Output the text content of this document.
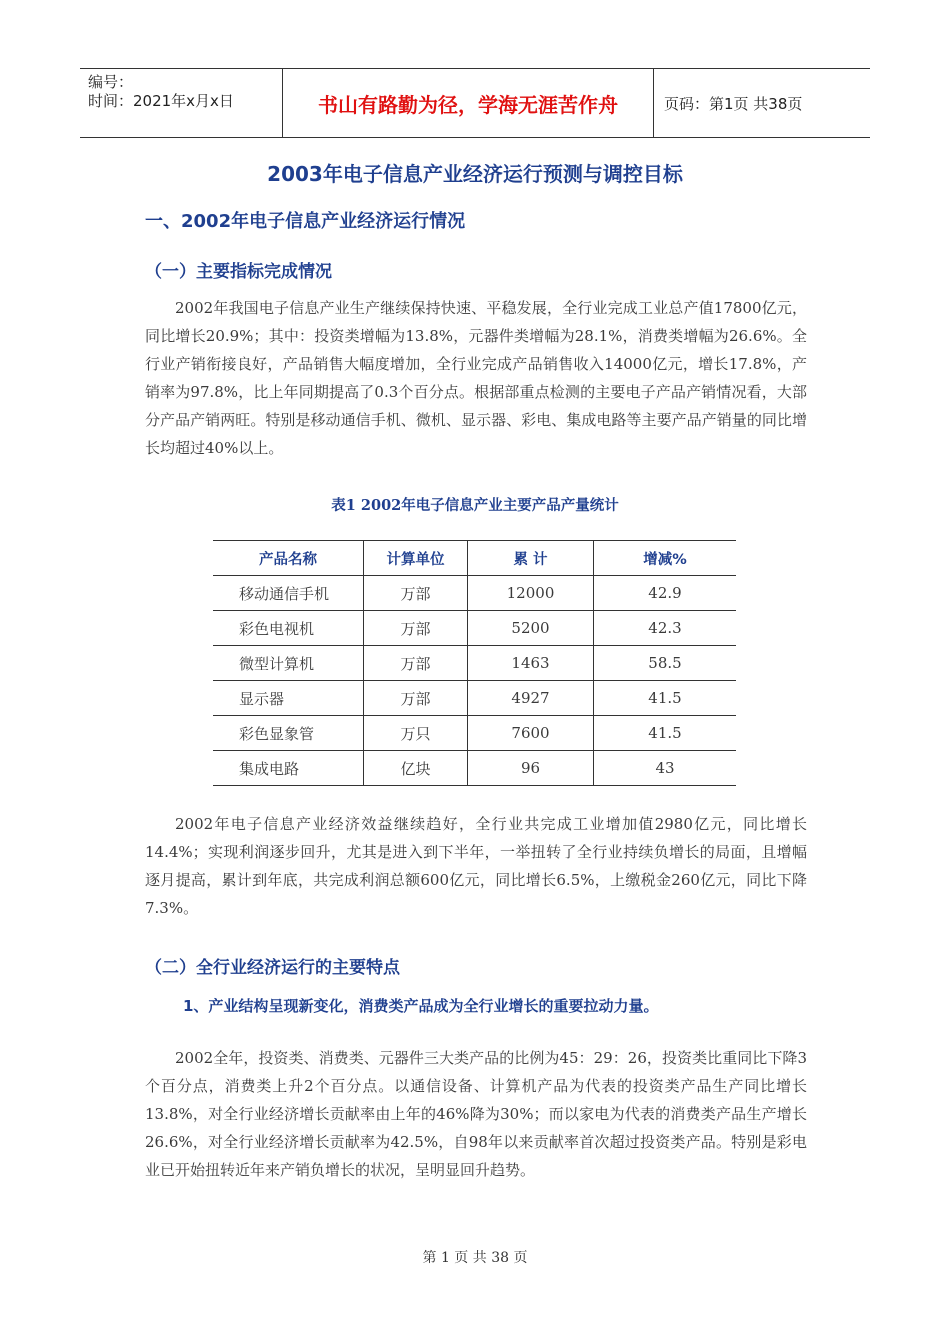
编号：
时间：2021年x月x日	书山有路勤为径，学海无涯苦作舟	页码：第1页 共38页
2003年电子信息产业经济运行预测与调控目标
一、2002年电子信息产业经济运行情况
（一）主要指标完成情况

2002年我国电子信息产业生产继续保持快速、平稳发展，全行业完成工业总产值17800亿元，同比增长20.9%；其中：投资类增幅为13.8%，元器件类增幅为28.1%，消费类增幅为26.6%。全行业产销衔接良好，产品销售大幅度增加，全行业完成产品销售收入14000亿元，增长17.8%，产销率为97.8%，比上年同期提高了0.3个百分点。根据部重点检测的主要电子产品产销情况看，大部分产品产销两旺。特别是移动通信手机、微机、显示器、彩电、集成电路等主要产品产销量的同比增长均超过40%以上。

表1 2002年电子信息产业主要产品产量统计
产品名称	计算单位	累 计	增减%
移动通信手机	万部	12000	42.9
彩色电视机	万部	5200	42.3
微型计算机	万部	1463	58.5
显示器	万部	4927	41.5
彩色显象管	万只	7600	41.5
集成电路	亿块	96	43

2002年电子信息产业经济效益继续趋好，全行业共完成工业增加值2980亿元，同比增长14.4%；实现利润逐步回升，尤其是进入到下半年，一举扭转了全行业持续负增长的局面，且增幅逐月提高，累计到年底，共完成利润总额600亿元，同比增长6.5%，上缴税金260亿元，同比下降7.3%。

（二）全行业经济运行的主要特点
1、产业结构呈现新变化，消费类产品成为全行业增长的重要拉动力量。

2002全年，投资类、消费类、元器件三大类产品的比例为45：29：26，投资类比重同比下降3个百分点，消费类上升2个百分点。以通信设备、计算机产品为代表的投资类产品生产同比增长13.8%，对全行业经济增长贡献率由上年的46%降为30%；而以家电为代表的消费类产品生产增长26.6%，对全行业经济增长贡献率为42.5%，自98年以来贡献率首次超过投资类产品。特别是彩电业已开始扭转近年来产销负增长的状况，呈明显回升趋势。

第 1 页 共 38 页
